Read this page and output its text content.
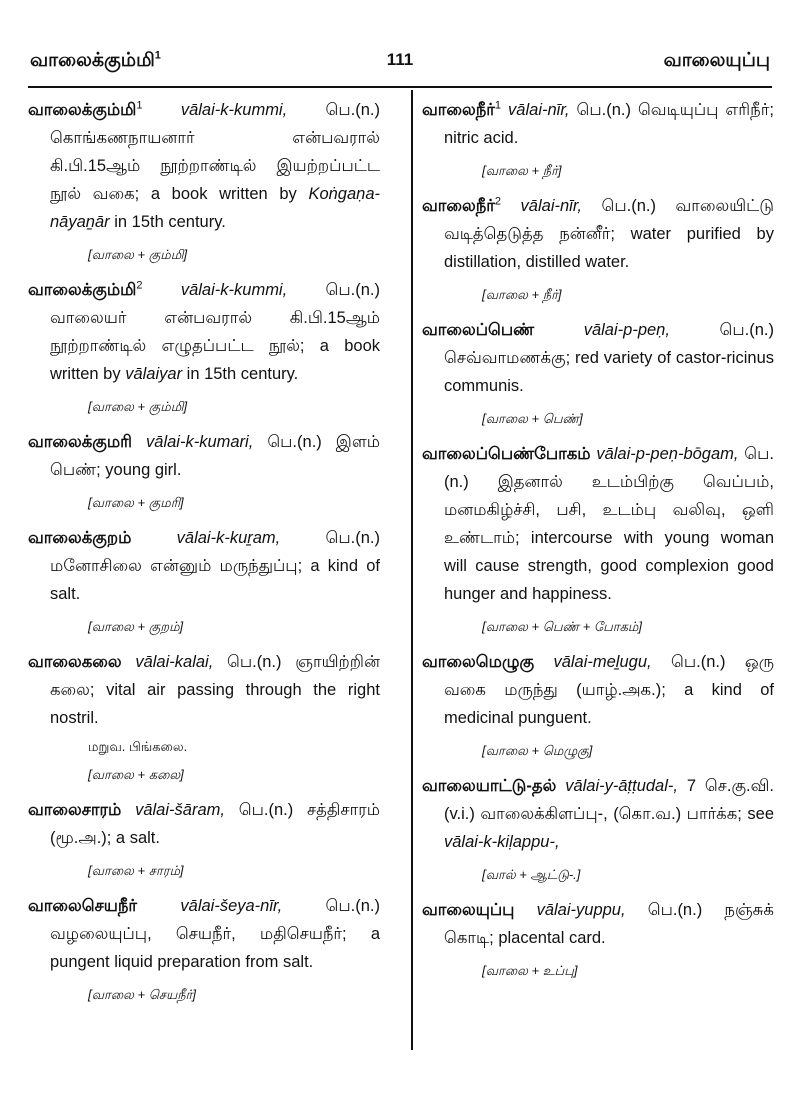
வாலைக்கும்மி$^1$	111	வாலையுப்பு

வாலைக்கும்மி$^1$ vālai-k-kummi, பெ.(n.) கொங்கணநாயனார் என்பவரால் கி.பி.15ஆம் நூற்றாண்டில் இயற்றப்பட்ட நூல் வகை; a book written by Koṅgaṇa-nāyaṉār in 15th century.

[வாலை + கும்மி]

வாலைக்கும்மி$^2$ vālai-k-kummi, பெ.(n.) வாலையர் என்பவரால் கி.பி.15ஆம் நூற்றாண்டில் எழுதப்பட்ட நூல்; a book written by vālaiyar in 15th century.

[வாலை + கும்மி]

வாலைக்குமரி vālai-k-kumari, பெ.(n.) இளம் பெண்; young girl.

[வாலை + குமரி]

வாலைக்குறம்	vālai-k-kuṟam,	பெ.(n.) மனோசிலை என்னும் மருந்துப்பு; a kind of salt.

[வாலை + குறம்]

வாலைகலை vālai-kalai, பெ.(n.) ஞாயிற்றின் கலை; vital air passing through the right nostril.

மறுவ. பிங்கலை.
[வாலை + கலை]

வாலைசாரம் vālai-šāram, பெ.(n.) சத்திசாரம் (மூ.அ.); a salt.

[வாலை + சாரம்]

வாலைசெயநீர்	vālai-šeya-nīr,	பெ.(n.) வழலையுப்பு, செயநீர், மதிசெயநீர்; a pungent liquid preparation from salt.

[வாலை + செயநீர்]

வாலைநீர்$^1$ vālai-nīr, பெ.(n.) வெடியுப்பு எரிநீர்; nitric acid.

[வாலை + நீர்]

வாலைநீர்$^2$ vālai-nīr, பெ.(n.) வாலையிட்டு வடித்தெடுத்த நன்னீர்; water purified by distillation, distilled water.

[வாலை + நீர்]

வாலைப்பெண்	vālai-p-peṇ,	பெ.(n.) செவ்வாமணக்கு; red variety of castor-ricinus communis.

[வாலை + பெண்]

வாலைப்பெண்போகம் vālai-p-peṇ-bōgam, பெ.(n.) இதனால் உடம்பிற்கு வெப்பம், மனமகிழ்ச்சி, பசி, உடம்பு வலிவு, ஒளி உண்டாம்; intercourse with young woman will cause strength, good complexion good hunger and happiness.

[வாலை + பெண் + போகம்]

வாலைமெழுகு vālai-meḻugu, பெ.(n.) ஒரு வகை மருந்து (யாழ்.அக.); a kind of medicinal punguent.

[வாலை + மெழுகு]

வாலையாட்டு-தல் vālai-y-āṭṭudal-, 7 செ.கு.வி. (v.i.) வாலைக்கிளப்பு-, (கொ.வ.) பார்க்க; see vālai-k-kiḷappu-,

[வால் + ஆட்டு-.]

வாலையுப்பு vālai-yuppu, பெ.(n.) நஞ்சுக் கொடி; placental card.

[வாலை + உப்பு]
